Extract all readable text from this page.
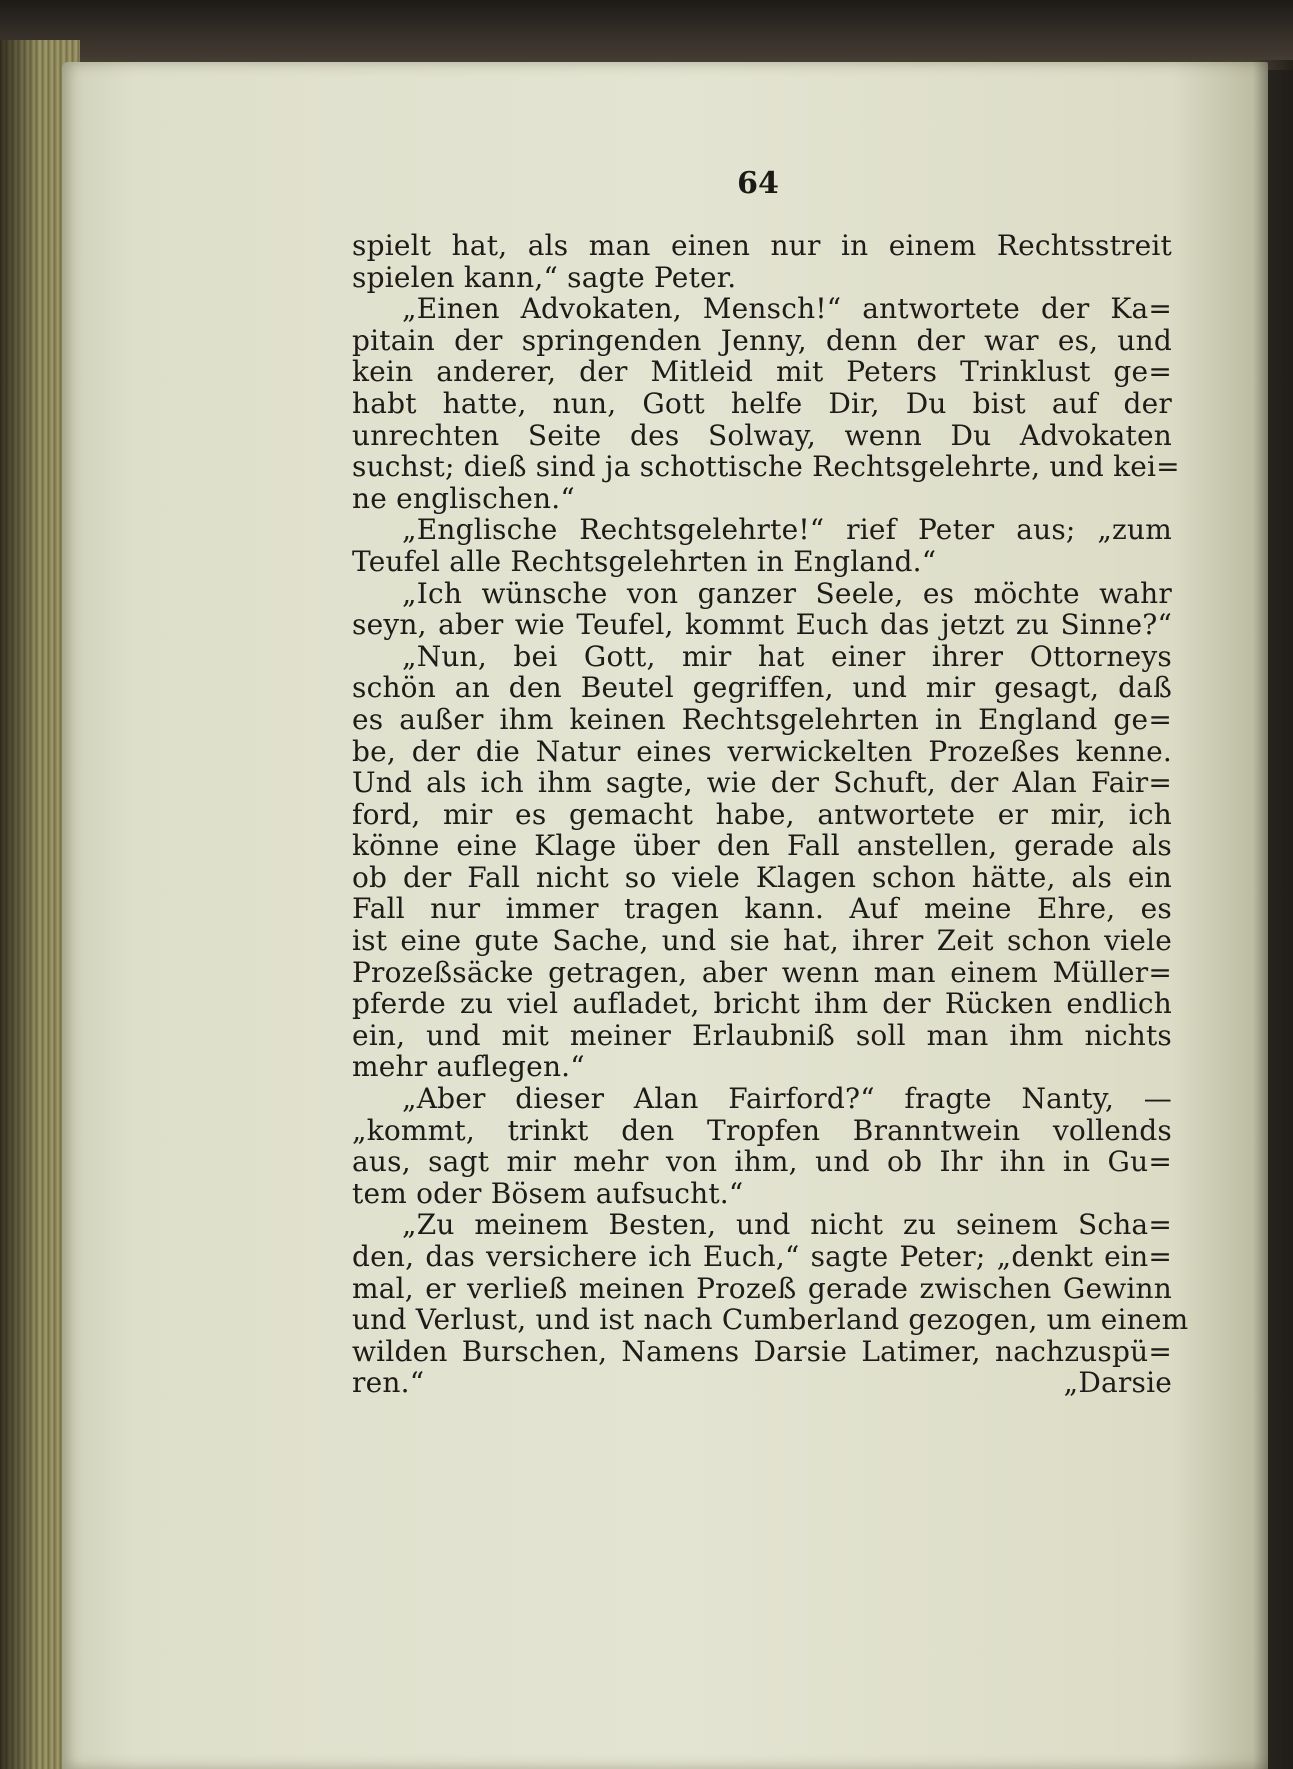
64
spielt hat, als man einen nur in einem Rechtsstreit
spielen kann,“ sagte Peter.
„Einen Advokaten, Mensch!“ antwortete der Ka=
pitain der springenden Jenny, denn der war es, und
kein anderer, der Mitleid mit Peters Trinklust ge=
habt hatte, nun, Gott helfe Dir, Du bist auf der
unrechten Seite des Solway, wenn Du Advokaten
suchst; dieß sind ja schottische Rechtsgelehrte, und kei=
ne englischen.“
„Englische Rechtsgelehrte!“ rief Peter aus; „zum
Teufel alle Rechtsgelehrten in England.“
„Ich wünsche von ganzer Seele, es möchte wahr
seyn, aber wie Teufel, kommt Euch das jetzt zu Sinne?“
„Nun, bei Gott, mir hat einer ihrer Ottorneys
schön an den Beutel gegriffen, und mir gesagt, daß
es außer ihm keinen Rechtsgelehrten in England ge=
be, der die Natur eines verwickelten Prozeßes kenne.
Und als ich ihm sagte, wie der Schuft, der Alan Fair=
ford, mir es gemacht habe, antwortete er mir, ich
könne eine Klage über den Fall anstellen, gerade als
ob der Fall nicht so viele Klagen schon hätte, als ein
Fall nur immer tragen kann. Auf meine Ehre, es
ist eine gute Sache, und sie hat, ihrer Zeit schon viele
Prozeßsäcke getragen, aber wenn man einem Müller=
pferde zu viel aufladet, bricht ihm der Rücken endlich
ein, und mit meiner Erlaubniß soll man ihm nichts
mehr auflegen.“
„Aber dieser Alan Fairford?“ fragte Nanty, —
„kommt, trinkt den Tropfen Branntwein vollends
aus, sagt mir mehr von ihm, und ob Ihr ihn in Gu=
tem oder Bösem aufsucht.“
„Zu meinem Besten, und nicht zu seinem Scha=
den, das versichere ich Euch,“ sagte Peter; „denkt ein=
mal, er verließ meinen Prozeß gerade zwischen Gewinn
und Verlust, und ist nach Cumberland gezogen, um einem
wilden Burschen, Namens Darsie Latimer, nachzuspü=
ren.“	„Darsie
